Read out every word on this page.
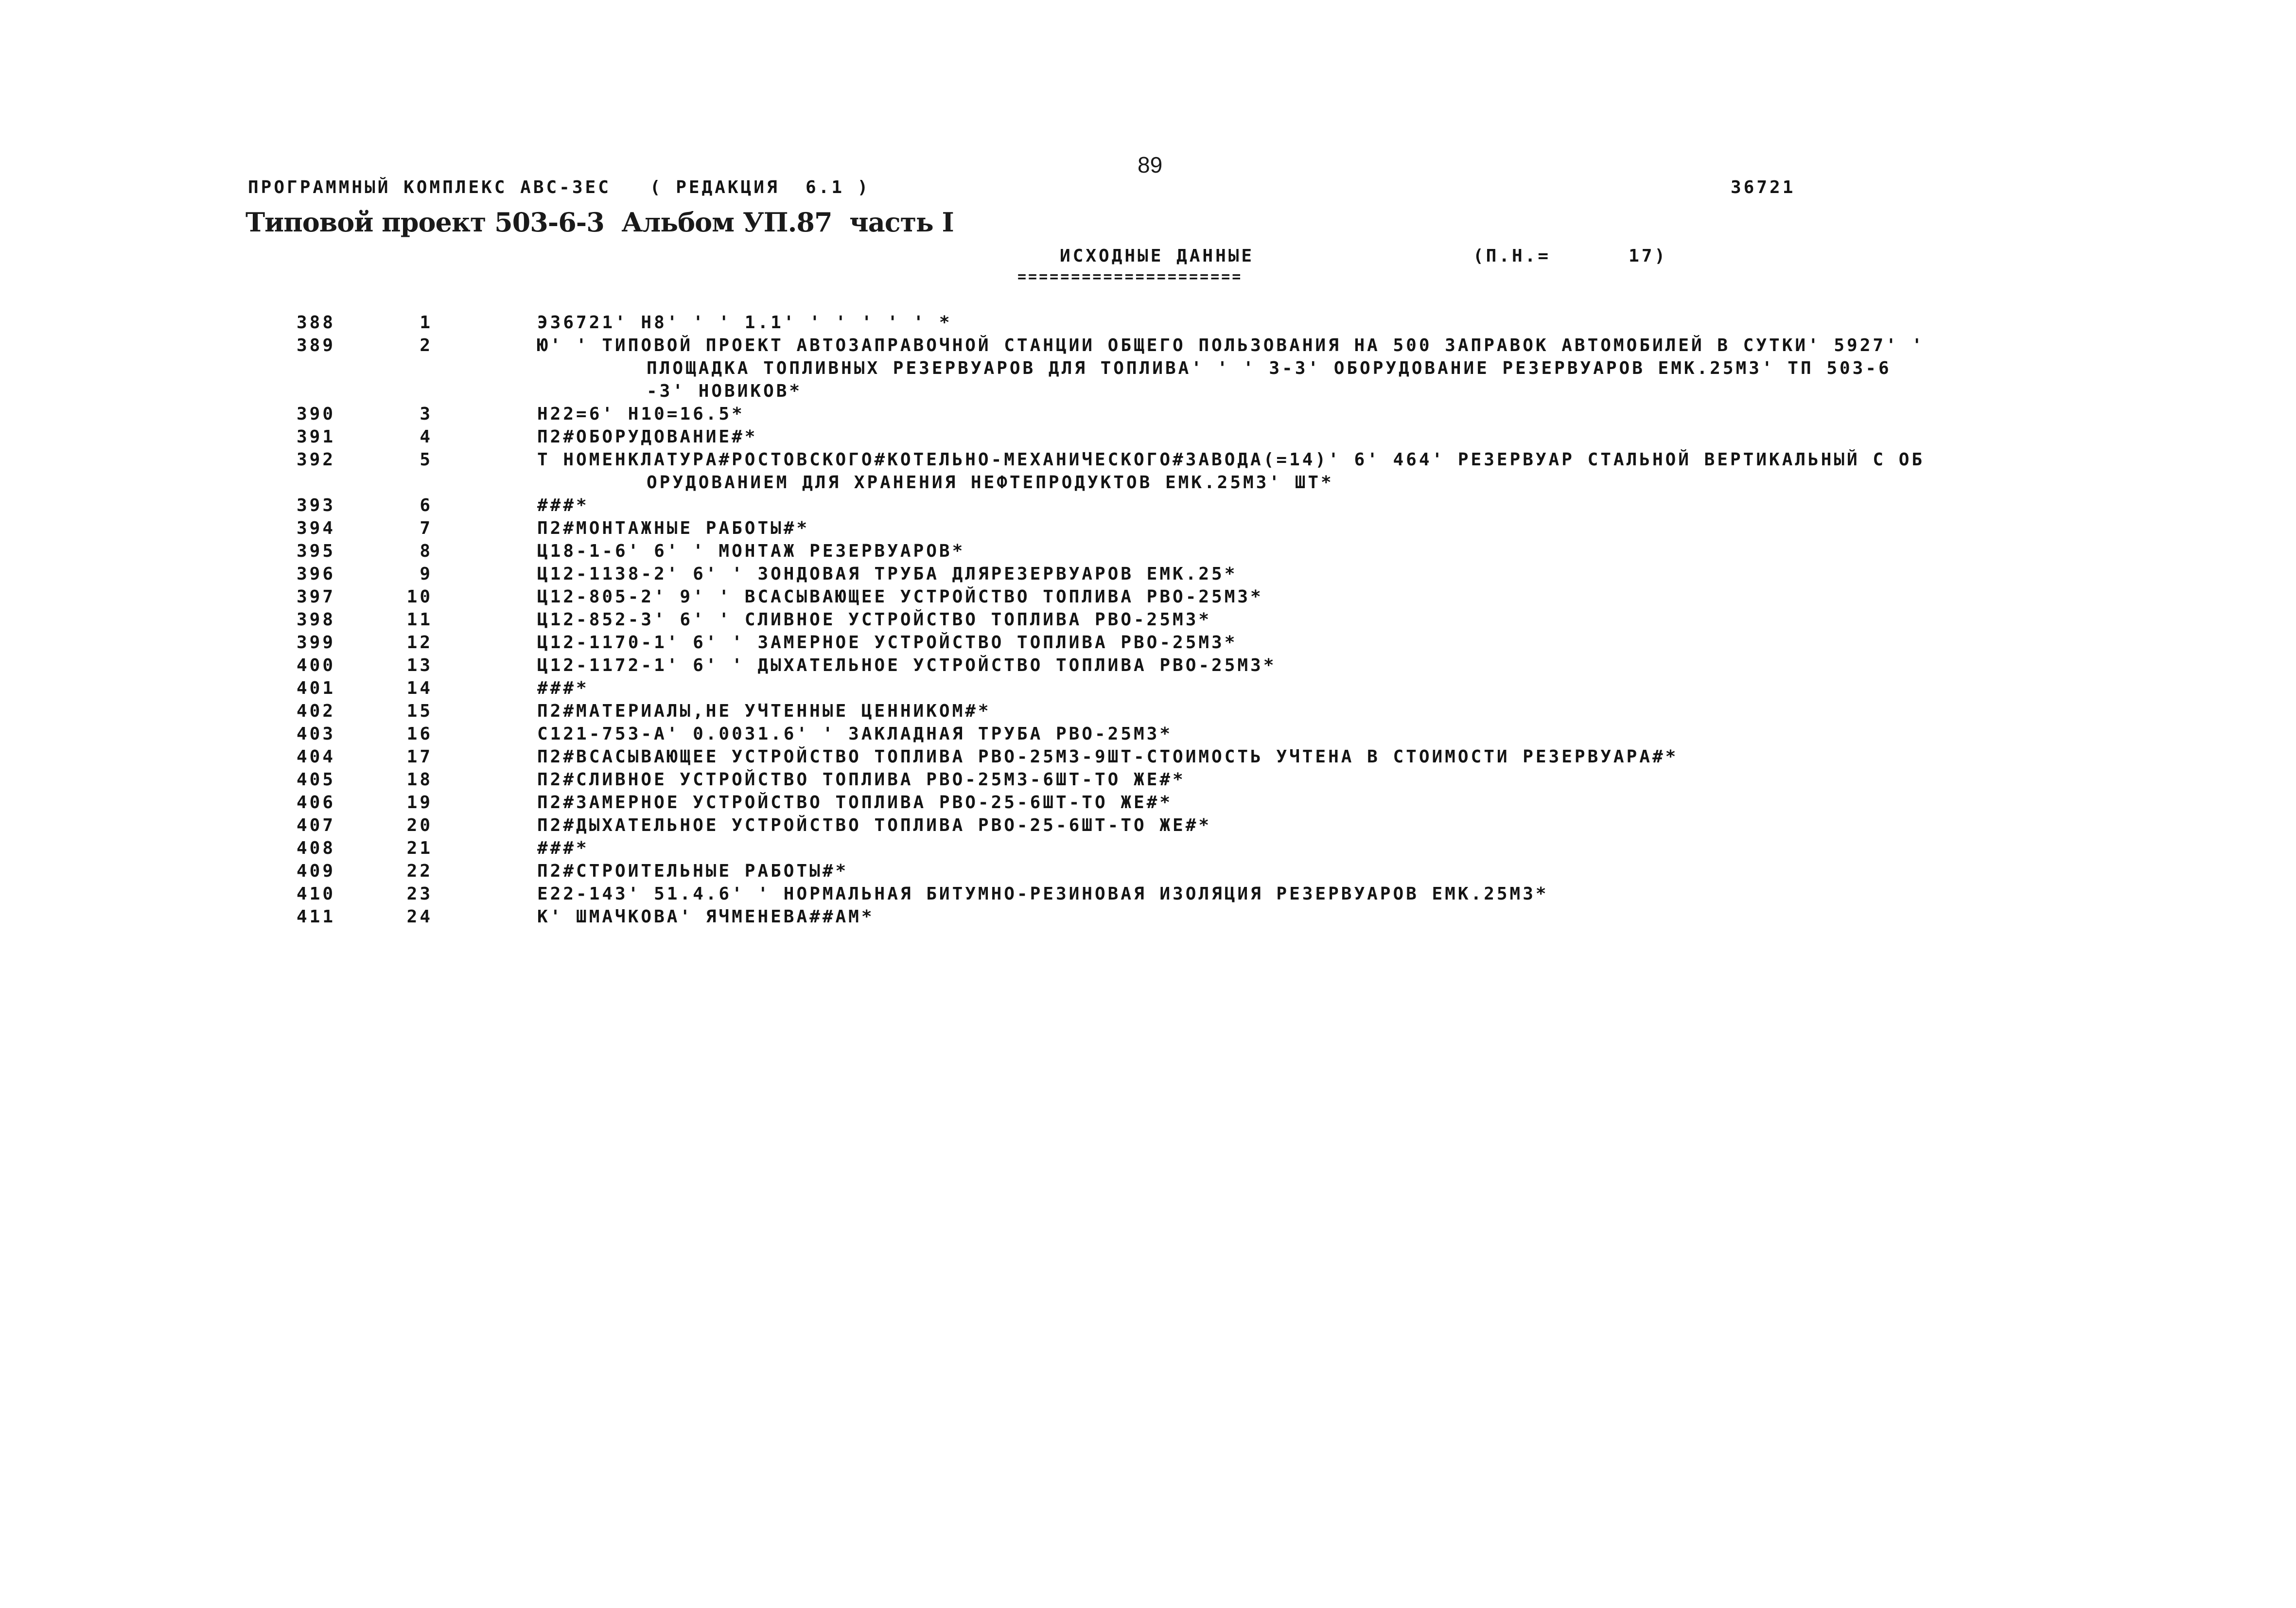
89
ПРОГРАММНЫЙ КОМПЛЕКС АВС-3ЕС   ( РЕДАКЦИЯ  6.1 )	36721
Типовой проект 503-6-3  Альбом УП.87  часть I
ИСХОДНЫЕ ДАННЫЕ	(П.Н.=      17)
=====================
388	1	Э36721' Н8' ' ' 1.1' ' ' ' ' ' *
389	2	Ю' ' ТИПОВОЙ ПРОЕКТ АВТОЗАПРАВОЧНОЙ СТАНЦИИ ОБЩЕГО ПОЛЬЗОВАНИЯ НА 500 ЗАПРАВОК АВТОМОБИЛЕЙ В СУТКИ' 5927' '
ПЛОЩАДКА ТОПЛИВНЫХ РЕЗЕРВУАРОВ ДЛЯ ТОПЛИВА' ' ' 3-3' ОБОРУДОВАНИЕ РЕЗЕРВУАРОВ ЕМК.25М3' ТП 503-6
-3' НОВИКОВ*
390	3	Н22=6' Н10=16.5*
391	4	П2#ОБОРУДОВАНИЕ#*
392	5	Т НОМЕНКЛАТУРА#РОСТОВСКОГО#КОТЕЛЬНО-МЕХАНИЧЕСКОГО#ЗАВОДА(=14)' 6' 464' РЕЗЕРВУАР СТАЛЬНОЙ ВЕРТИКАЛЬНЫЙ С ОБ
ОРУДОВАНИЕМ ДЛЯ ХРАНЕНИЯ НЕФТЕПРОДУКТОВ ЕМК.25М3' ШТ*
393	6	###*
394	7	П2#МОНТАЖНЫЕ РАБОТЫ#*
395	8	Ц18-1-6' 6' ' МОНТАЖ РЕЗЕРВУАРОВ*
396	9	Ц12-1138-2' 6' ' ЗОНДОВАЯ ТРУБА ДЛЯРЕЗЕРВУАРОВ ЕМК.25*
397	10	Ц12-805-2' 9' ' ВСАСЫВАЮЩЕЕ УСТРОЙСТВО ТОПЛИВА РВО-25М3*
398	11	Ц12-852-3' 6' ' СЛИВНОЕ УСТРОЙСТВО ТОПЛИВА РВО-25М3*
399	12	Ц12-1170-1' 6' ' ЗАМЕРНОЕ УСТРОЙСТВО ТОПЛИВА РВО-25М3*
400	13	Ц12-1172-1' 6' ' ДЫХАТЕЛЬНОЕ УСТРОЙСТВО ТОПЛИВА РВО-25М3*
401	14	###*
402	15	П2#МАТЕРИАЛЫ,НЕ УЧТЕННЫЕ ЦЕННИКОМ#*
403	16	С121-753-А' 0.0031.6' ' ЗАКЛАДНАЯ ТРУБА РВО-25М3*
404	17	П2#ВСАСЫВАЮЩЕЕ УСТРОЙСТВО ТОПЛИВА РВО-25М3-9ШТ-СТОИМОСТЬ УЧТЕНА В СТОИМОСТИ РЕЗЕРВУАРА#*
405	18	П2#СЛИВНОЕ УСТРОЙСТВО ТОПЛИВА РВО-25М3-6ШТ-ТО ЖЕ#*
406	19	П2#ЗАМЕРНОЕ УСТРОЙСТВО ТОПЛИВА РВО-25-6ШТ-ТО ЖЕ#*
407	20	П2#ДЫХАТЕЛЬНОЕ УСТРОЙСТВО ТОПЛИВА РВО-25-6ШТ-ТО ЖЕ#*
408	21	###*
409	22	П2#СТРОИТЕЛЬНЫЕ РАБОТЫ#*
410	23	Е22-143' 51.4.6' ' НОРМАЛЬНАЯ БИТУМНО-РЕЗИНОВАЯ ИЗОЛЯЦИЯ РЕЗЕРВУАРОВ ЕМК.25М3*
411	24	К' ШМАЧКОВА' ЯЧМЕНЕВА##АМ*
